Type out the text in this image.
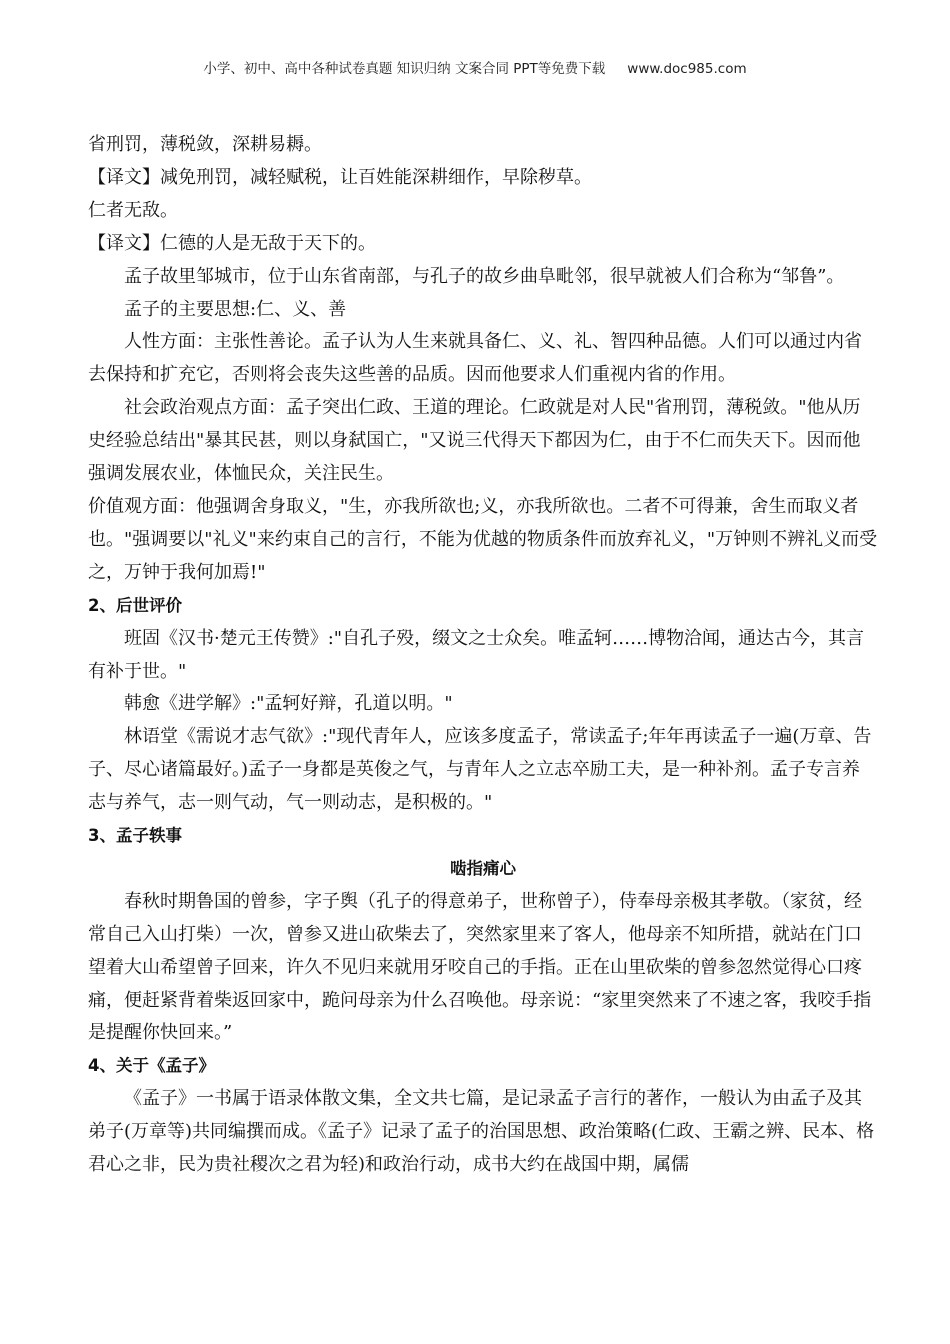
小学、初中、高中各种试卷真题 知识归纳 文案合同 PPT等免费下载 www.doc985.com

省刑罚，薄税敛，深耕易耨。

【译文】减免刑罚，减轻赋税，让百姓能深耕细作，早除秽草。

仁者无敌。

【译文】仁德的人是无敌于天下的。

孟子故里邹城市，位于山东省南部，与孔子的故乡曲阜毗邻，很早就被人们合称为“邹鲁”。

孟子的主要思想:仁、义、善

人性方面：主张性善论。孟子认为人生来就具备仁、义、礼、智四种品德。人们可以通过内省去保持和扩充它，否则将会丧失这些善的品质。因而他要求人们重视内省的作用。

社会政治观点方面：孟子突出仁政、王道的理论。仁政就是对人民"省刑罚，薄税敛。"他从历史经验总结出"暴其民甚，则以身弑国亡，"又说三代得天下都因为仁，由于不仁而失天下。因而他强调发展农业，体恤民众，关注民生。

价值观方面：他强调舍身取义，"生，亦我所欲也;义，亦我所欲也。二者不可得兼，舍生而取义者也。"强调要以"礼义"来约束自己的言行，不能为优越的物质条件而放弃礼义，"万钟则不辨礼义而受之，万钟于我何加焉!"

2、后世评价

班固《汉书·楚元王传赞》:"自孔子殁，缀文之士众矣。唯孟轲……博物洽闻，通达古今，其言有补于世。"

韩愈《进学解》:"孟轲好辩，孔道以明。"

林语堂《需说才志气欲》:"现代青年人，应该多度孟子，常读孟子;年年再读孟子一遍(万章、告子、尽心诸篇最好。)孟子一身都是英俊之气，与青年人之立志卒励工夫，是一种补剂。孟子专言养志与养气，志一则气动，气一则动志，是积极的。"

3、孟子轶事

啮指痛心

春秋时期鲁国的曾参，字子舆（孔子的得意弟子，世称曾子），侍奉母亲极其孝敬。（家贫，经常自己入山打柴）一次，曾参又进山砍柴去了，突然家里来了客人，他母亲不知所措，就站在门口望着大山希望曾子回来，许久不见归来就用牙咬自己的手指。正在山里砍柴的曾参忽然觉得心口疼痛，便赶紧背着柴返回家中，跪问母亲为什么召唤他。母亲说：“家里突然来了不速之客，我咬手指是提醒你快回来。”

4、关于《孟子》

《孟子》一书属于语录体散文集，全文共七篇，是记录孟子言行的著作，一般认为由孟子及其弟子(万章等)共同编撰而成。《孟子》记录了孟子的治国思想、政治策略(仁政、王霸之辨、民本、格君心之非，民为贵社稷次之君为轻)和政治行动，成书大约在战国中期，属儒
